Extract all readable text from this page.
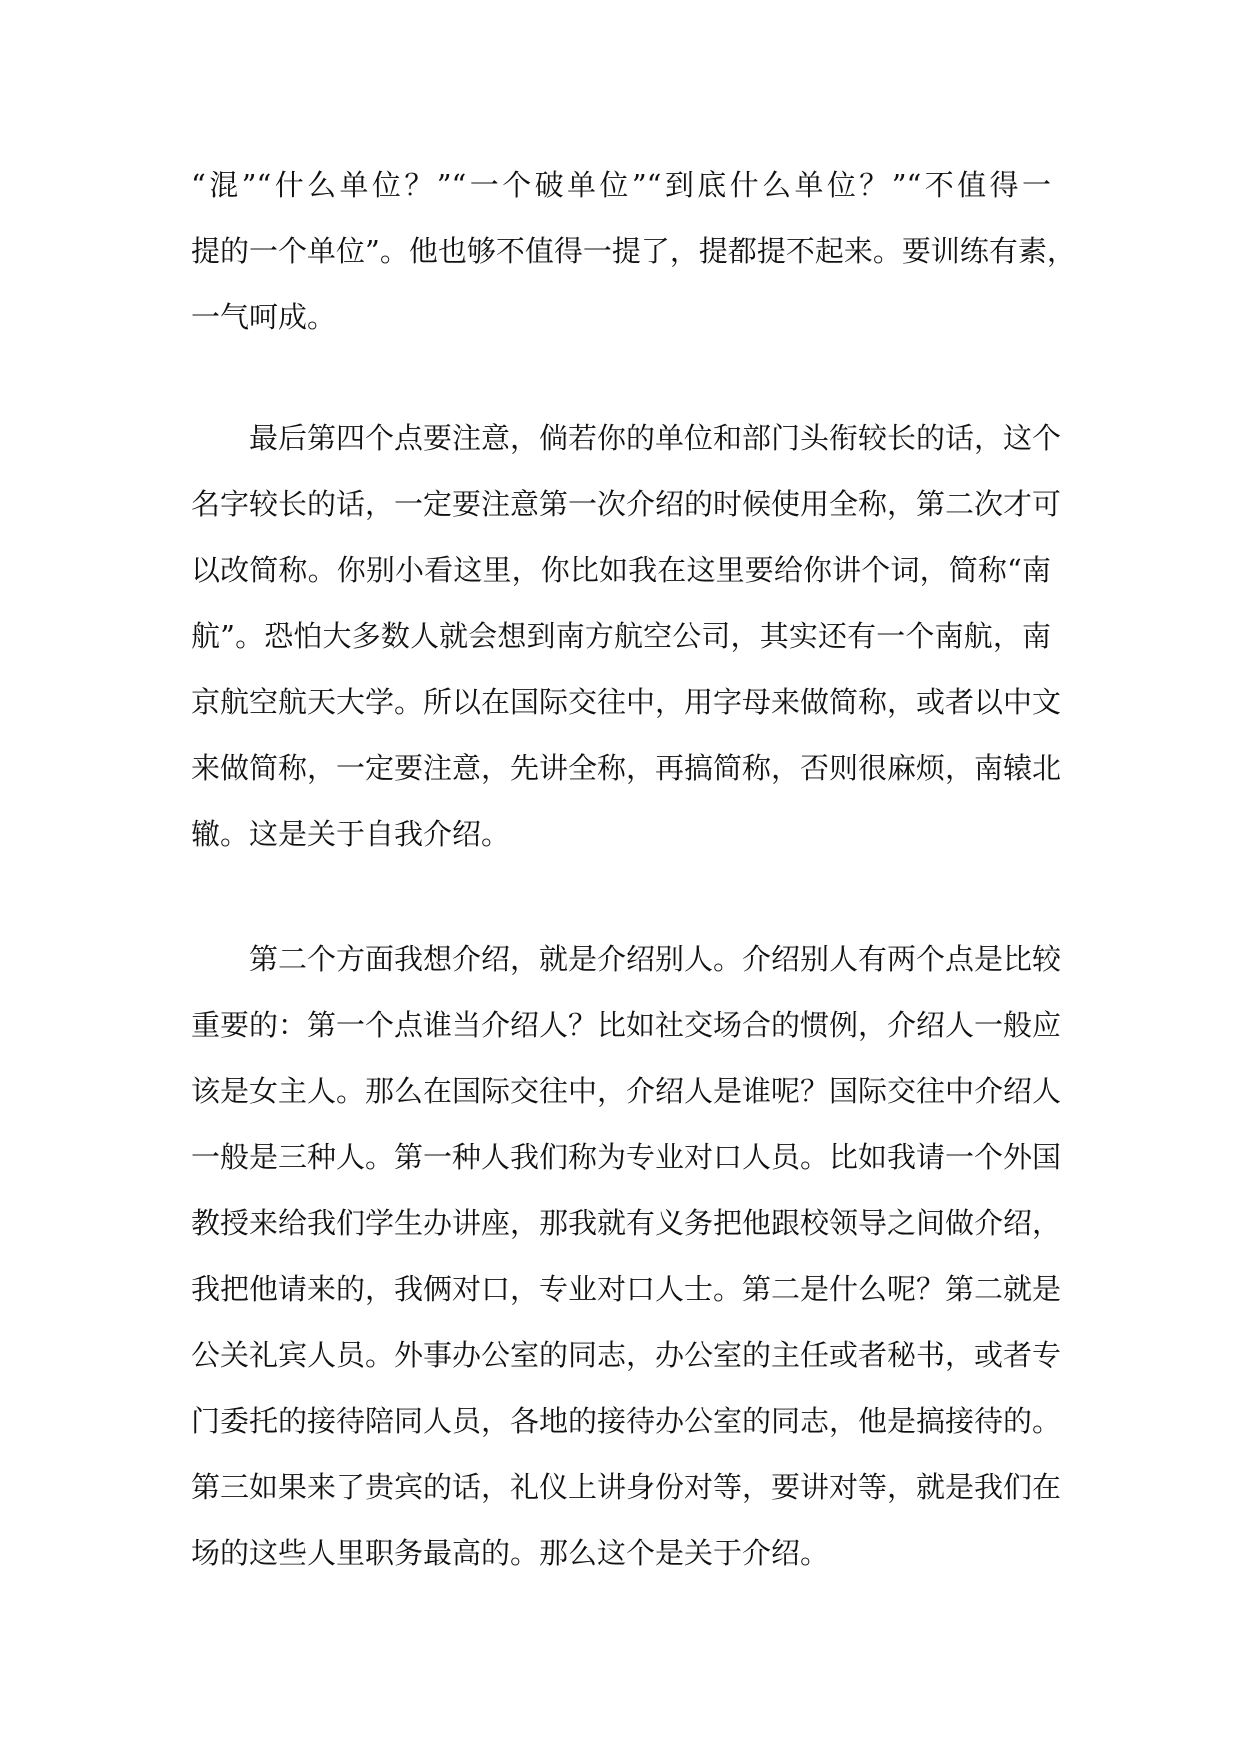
“混”“什么单位？”“一个破单位”“到底什么单位？”“不值得一
提的一个单位”。他也够不值得一提了，提都提不起来。要训练有素，
一气呵成。
最后第四个点要注意，倘若你的单位和部门头衔较长的话，这个
名字较长的话，一定要注意第一次介绍的时候使用全称，第二次才可
以改简称。你别小看这里，你比如我在这里要给你讲个词，简称“南
航”。恐怕大多数人就会想到南方航空公司，其实还有一个南航，南
京航空航天大学。所以在国际交往中，用字母来做简称，或者以中文
来做简称，一定要注意，先讲全称，再搞简称，否则很麻烦，南辕北
辙。这是关于自我介绍。
第二个方面我想介绍，就是介绍别人。介绍别人有两个点是比较
重要的：第一个点谁当介绍人？比如社交场合的惯例，介绍人一般应
该是女主人。那么在国际交往中，介绍人是谁呢？国际交往中介绍人
一般是三种人。第一种人我们称为专业对口人员。比如我请一个外国
教授来给我们学生办讲座，那我就有义务把他跟校领导之间做介绍，
我把他请来的，我俩对口，专业对口人士。第二是什么呢？第二就是
公关礼宾人员。外事办公室的同志，办公室的主任或者秘书，或者专
门委托的接待陪同人员，各地的接待办公室的同志，他是搞接待的。
第三如果来了贵宾的话，礼仪上讲身份对等，要讲对等，就是我们在
场的这些人里职务最高的。那么这个是关于介绍。
